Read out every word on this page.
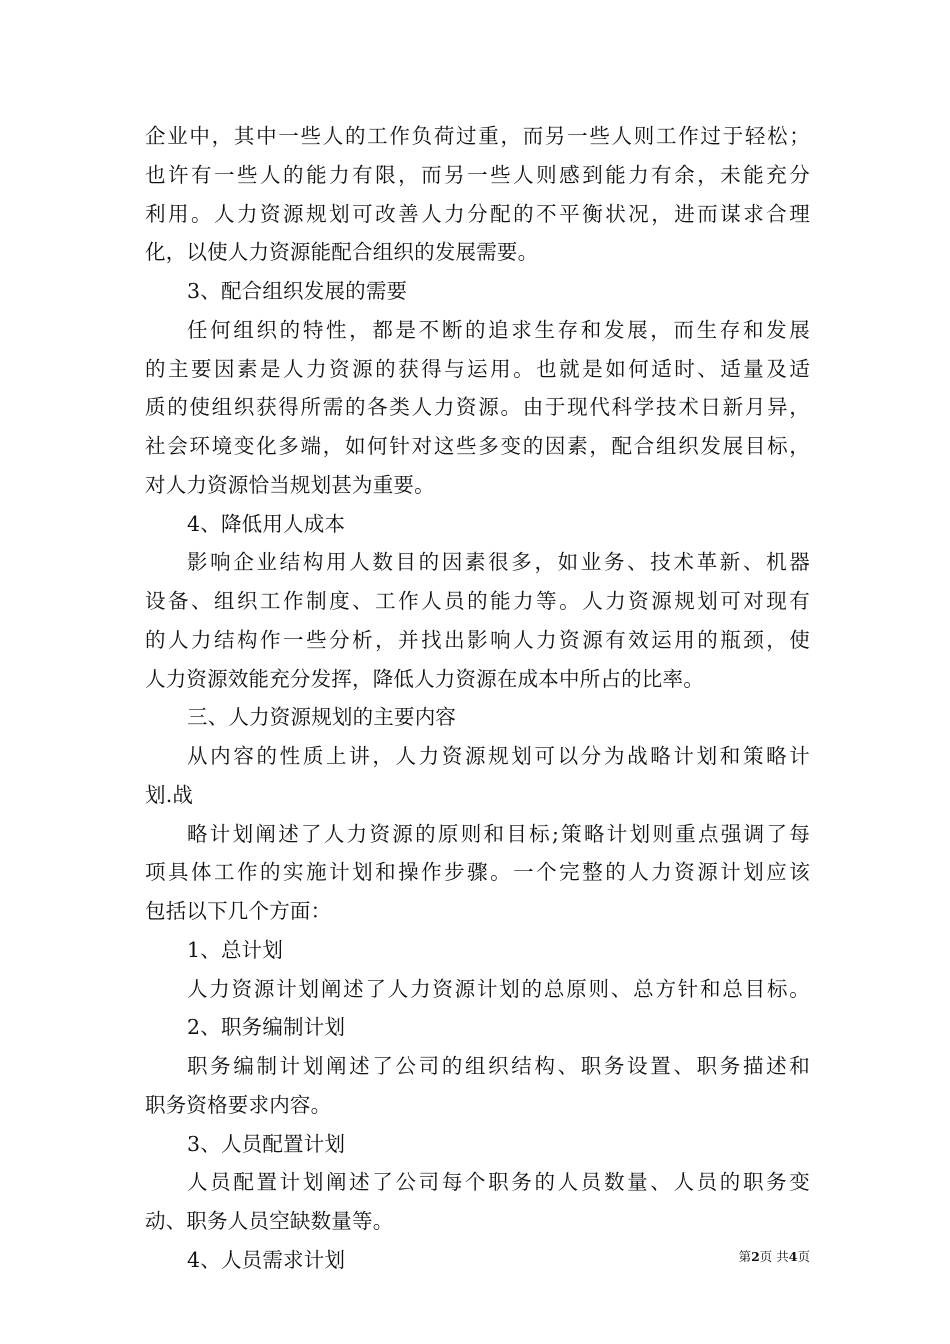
企业中，其中一些人的工作负荷过重，而另一些人则工作过于轻松；
也许有一些人的能力有限，而另一些人则感到能力有余，未能充分
利用。人力资源规划可改善人力分配的不平衡状况，进而谋求合理
化，以使人力资源能配合组织的发展需要。
3、配合组织发展的需要
任何组织的特性，都是不断的追求生存和发展，而生存和发展
的主要因素是人力资源的获得与运用。也就是如何适时、适量及适
质的使组织获得所需的各类人力资源。由于现代科学技术日新月异，
社会环境变化多端，如何针对这些多变的因素，配合组织发展目标，
对人力资源恰当规划甚为重要。
4、降低用人成本
影响企业结构用人数目的因素很多，如业务、技术革新、机器
设备、组织工作制度、工作人员的能力等。人力资源规划可对现有
的人力结构作一些分析，并找出影响人力资源有效运用的瓶颈，使
人力资源效能充分发挥，降低人力资源在成本中所占的比率。
三、人力资源规划的主要内容
从内容的性质上讲，人力资源规划可以分为战略计划和策略计
划.战
略计划阐述了人力资源的原则和目标;策略计划则重点强调了每
项具体工作的实施计划和操作步骤。一个完整的人力资源计划应该
包括以下几个方面：
1、总计划
人力资源计划阐述了人力资源计划的总原则、总方针和总目标。
2、职务编制计划
职务编制计划阐述了公司的组织结构、职务设置、职务描述和
职务资格要求内容。
3、人员配置计划
人员配置计划阐述了公司每个职务的人员数量、人员的职务变
动、职务人员空缺数量等。
4、人员需求计划	第2页 共4页
